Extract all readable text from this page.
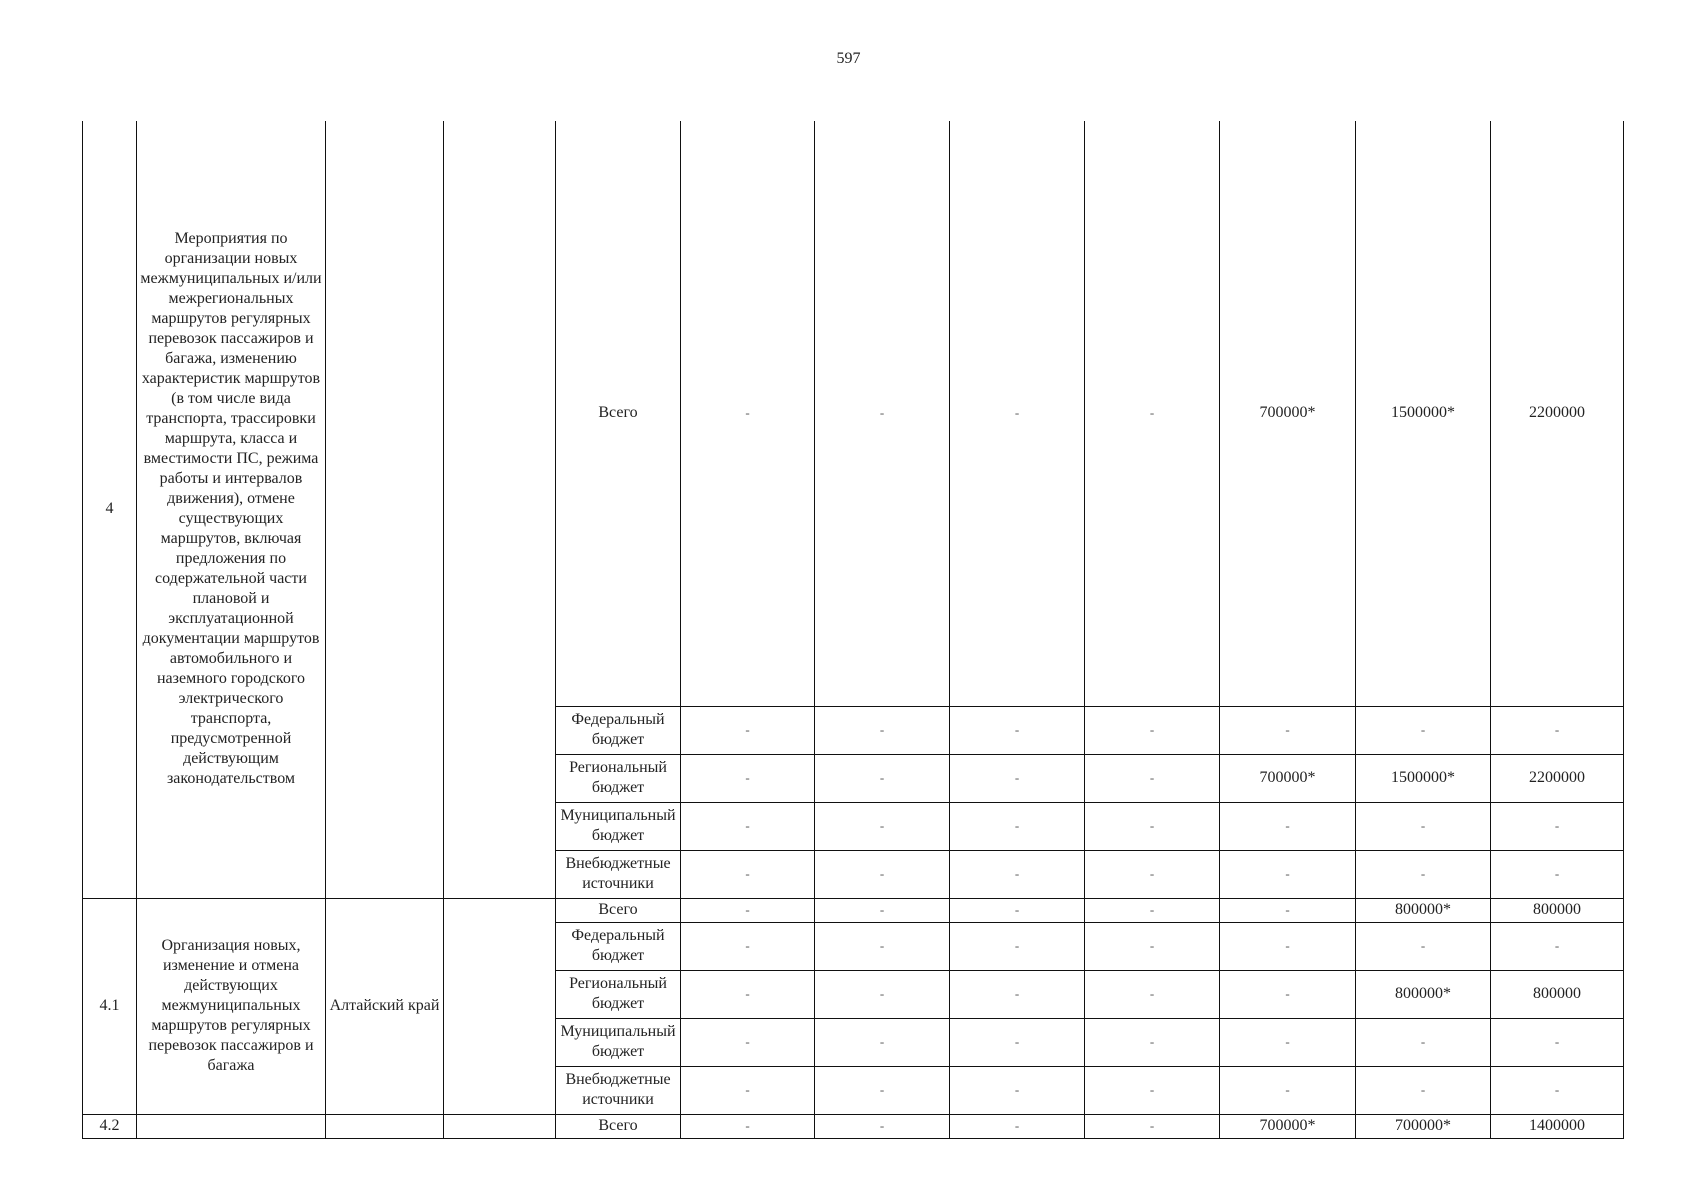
597
4	Мероприятия по организации новых межмуниципальных и/или межрегиональных маршрутов регулярных перевозок пассажиров и багажа, изменению характеристик маршрутов (в том числе вида транспорта, трассировки маршрута, класса и вместимости ПС, режима работы и интервалов движения), отмене существующих маршрутов, включая предложения по содержательной части плановой и эксплуатационной документации маршрутов автомобильного и наземного городского электрического транспорта, предусмотренной действующим законодательством			Всего	-	-	-	-	700000*	1500000*	2200000
				Федеральный бюджет	-	-	-	-	-	-	-
				Региональный бюджет	-	-	-	-	700000*	1500000*	2200000
				Муниципальный бюджет	-	-	-	-	-	-	-
				Внебюджетные источники	-	-	-	-	-	-	-
4.1	Организация новых, изменение и отмена действующих межмуниципальных маршрутов регулярных перевозок пассажиров и багажа	Алтайский край		Всего	-	-	-	-	-	800000*	800000
				Федеральный бюджет	-	-	-	-	-	-	-
				Региональный бюджет	-	-	-	-	-	800000*	800000
				Муниципальный бюджет	-	-	-	-	-	-	-
				Внебюджетные источники	-	-	-	-	-	-	-
4.2				Всего	-	-	-	-	700000*	700000*	1400000
